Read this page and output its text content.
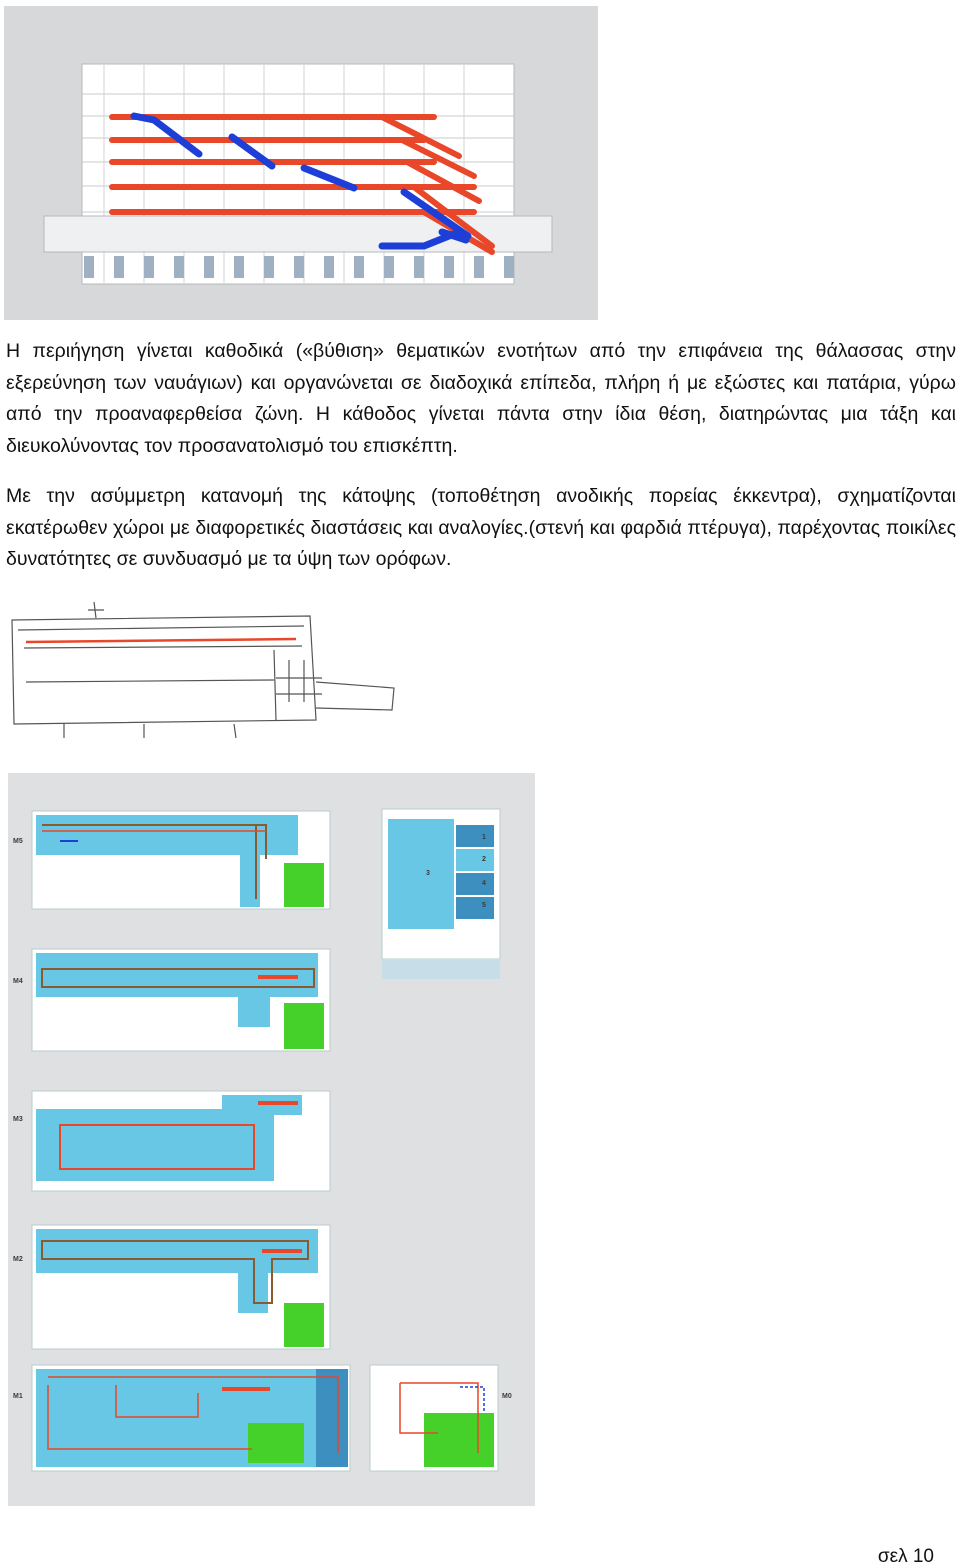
Η περιήγηση γίνεται καθοδικά («βύθιση» θεματικών ενοτήτων από την επιφάνεια της θάλασσας στην εξερεύνηση των ναυάγιων) και οργανώνεται σε διαδοχικά επίπεδα, πλήρη ή με εξώστες και πατάρια, γύρω από την προαναφερθείσα ζώνη. Η κάθοδος γίνεται πάντα στην ίδια θέση, διατηρώντας μια τάξη και διευκολύνοντας τον προσανατολισμό του επισκέπτη.

Με την ασύμμετρη κατανομή της κάτοψης (τοποθέτηση ανοδικής πορείας έκκεντρα), σχηματίζονται εκατέρωθεν χώροι με διαφορετικές διαστάσεις και αναλογίες.(στενή και φαρδιά πτέρυγα), παρέχοντας ποικίλες δυνατότητες σε συνδυασμό με τα ύψη των ορόφων.

M5
M4
M3
M2
M1	M0
1
2
3
4
5
σελ 10
